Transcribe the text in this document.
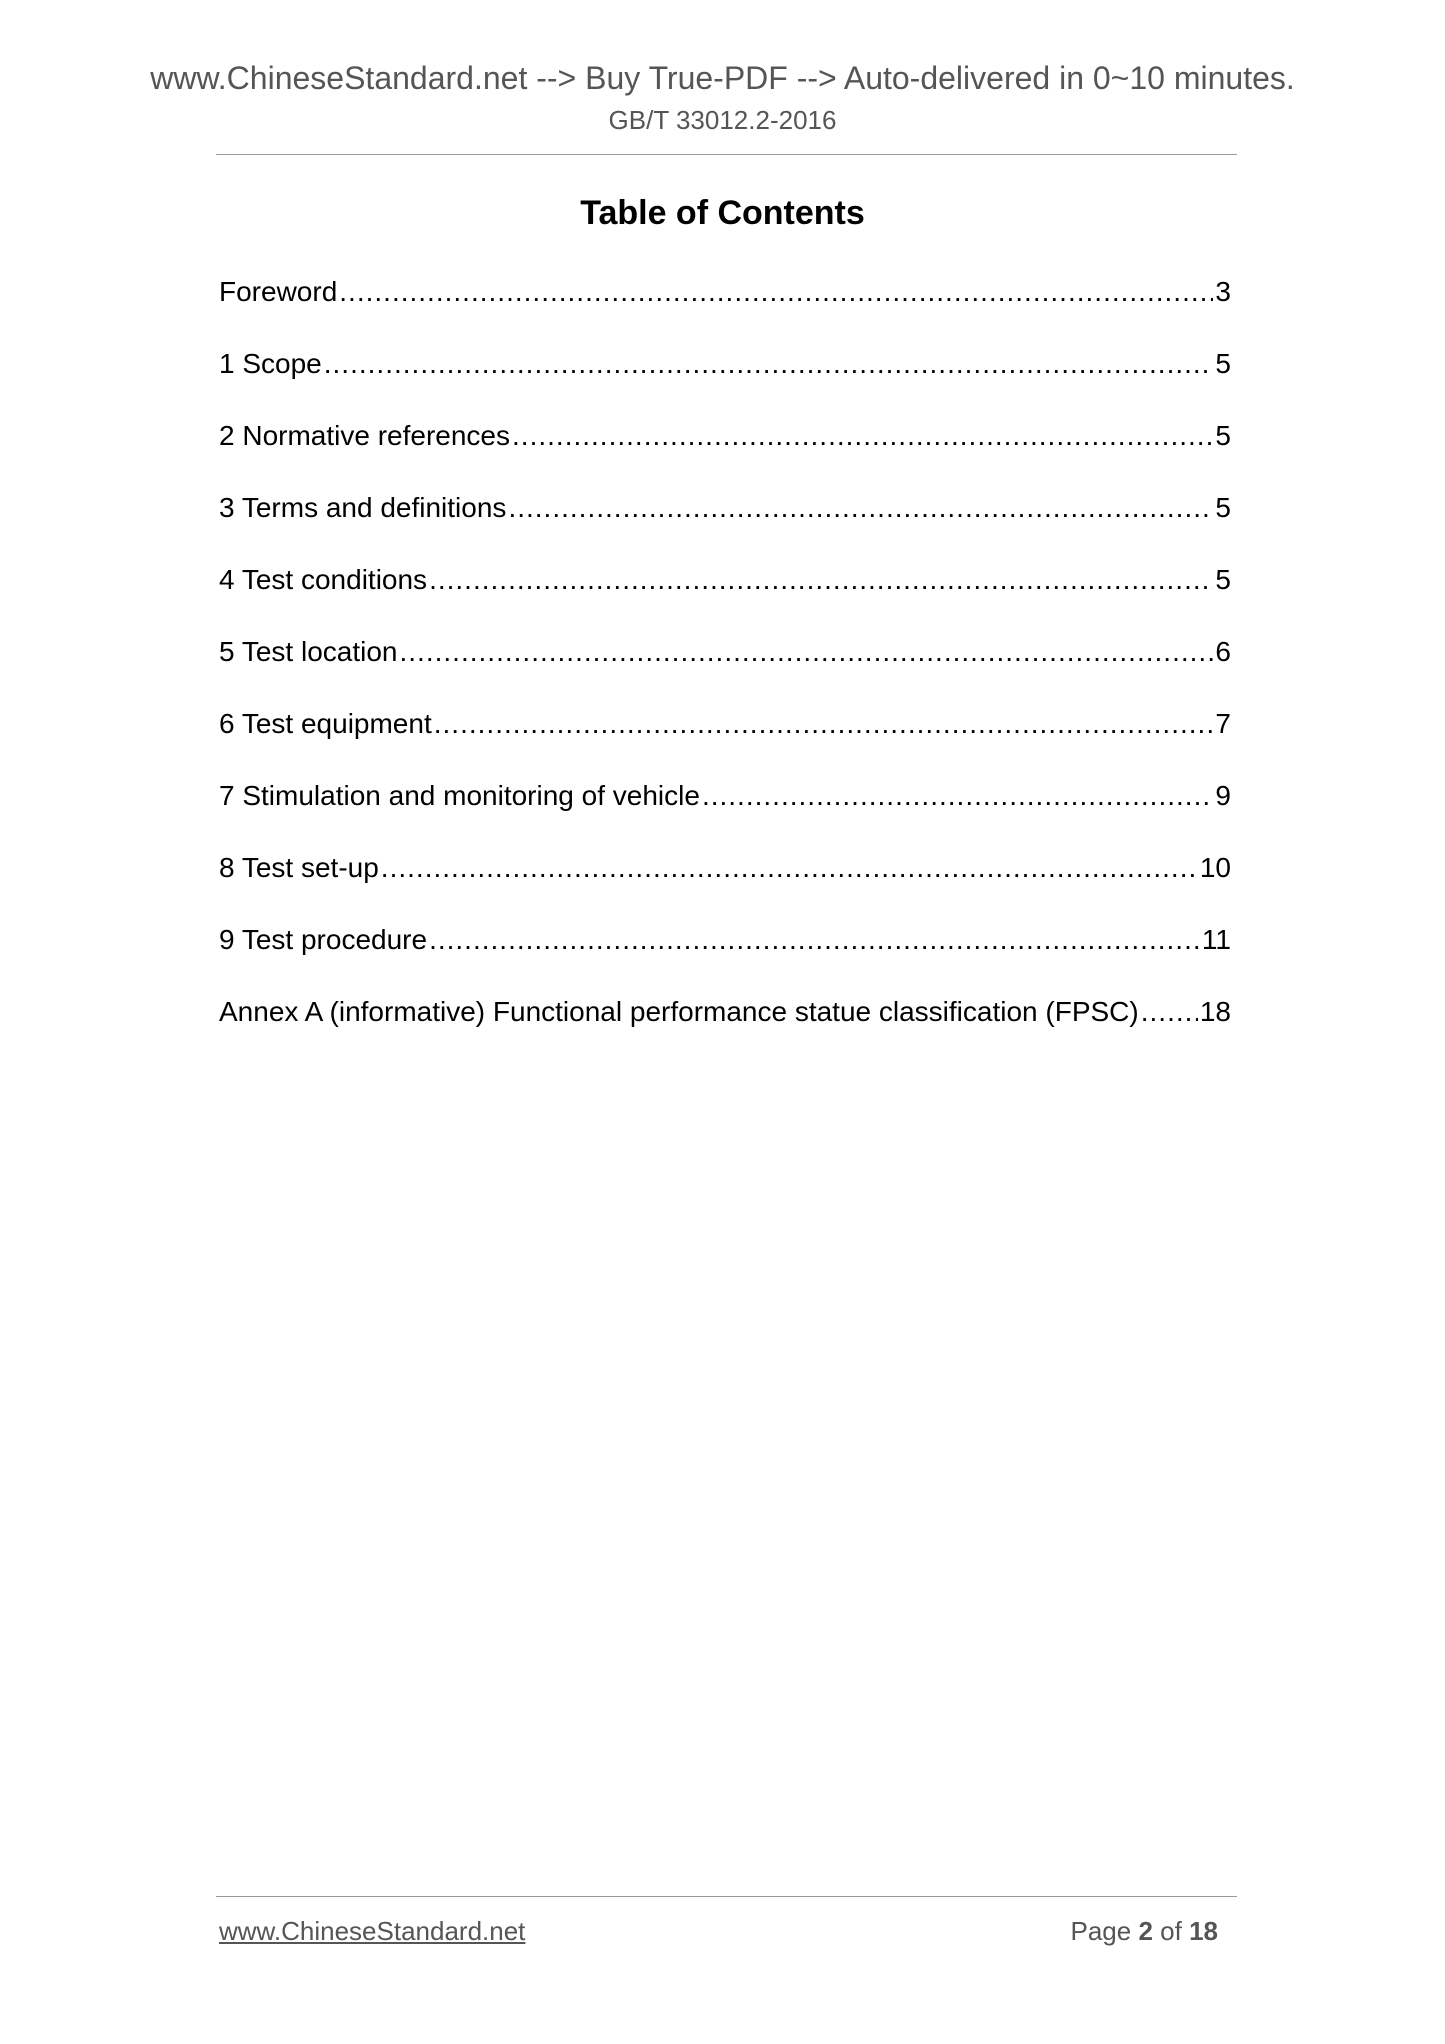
www.ChineseStandard.net --> Buy True-PDF --> Auto-delivered in 0~10 minutes.
GB/T 33012.2-2016
Table of Contents
Foreword .....	3
1 Scope .....	5
2 Normative references .....	5
3 Terms and definitions .....	5
4 Test conditions .....	5
5 Test location .....	6
6 Test equipment .....	7
7 Stimulation and monitoring of vehicle .....	9
8 Test set-up .....	10
9 Test procedure .....	11
Annex A (informative) Functional performance statue classification (FPSC) ..... 18
www.ChineseStandard.net	Page 2 of 18
